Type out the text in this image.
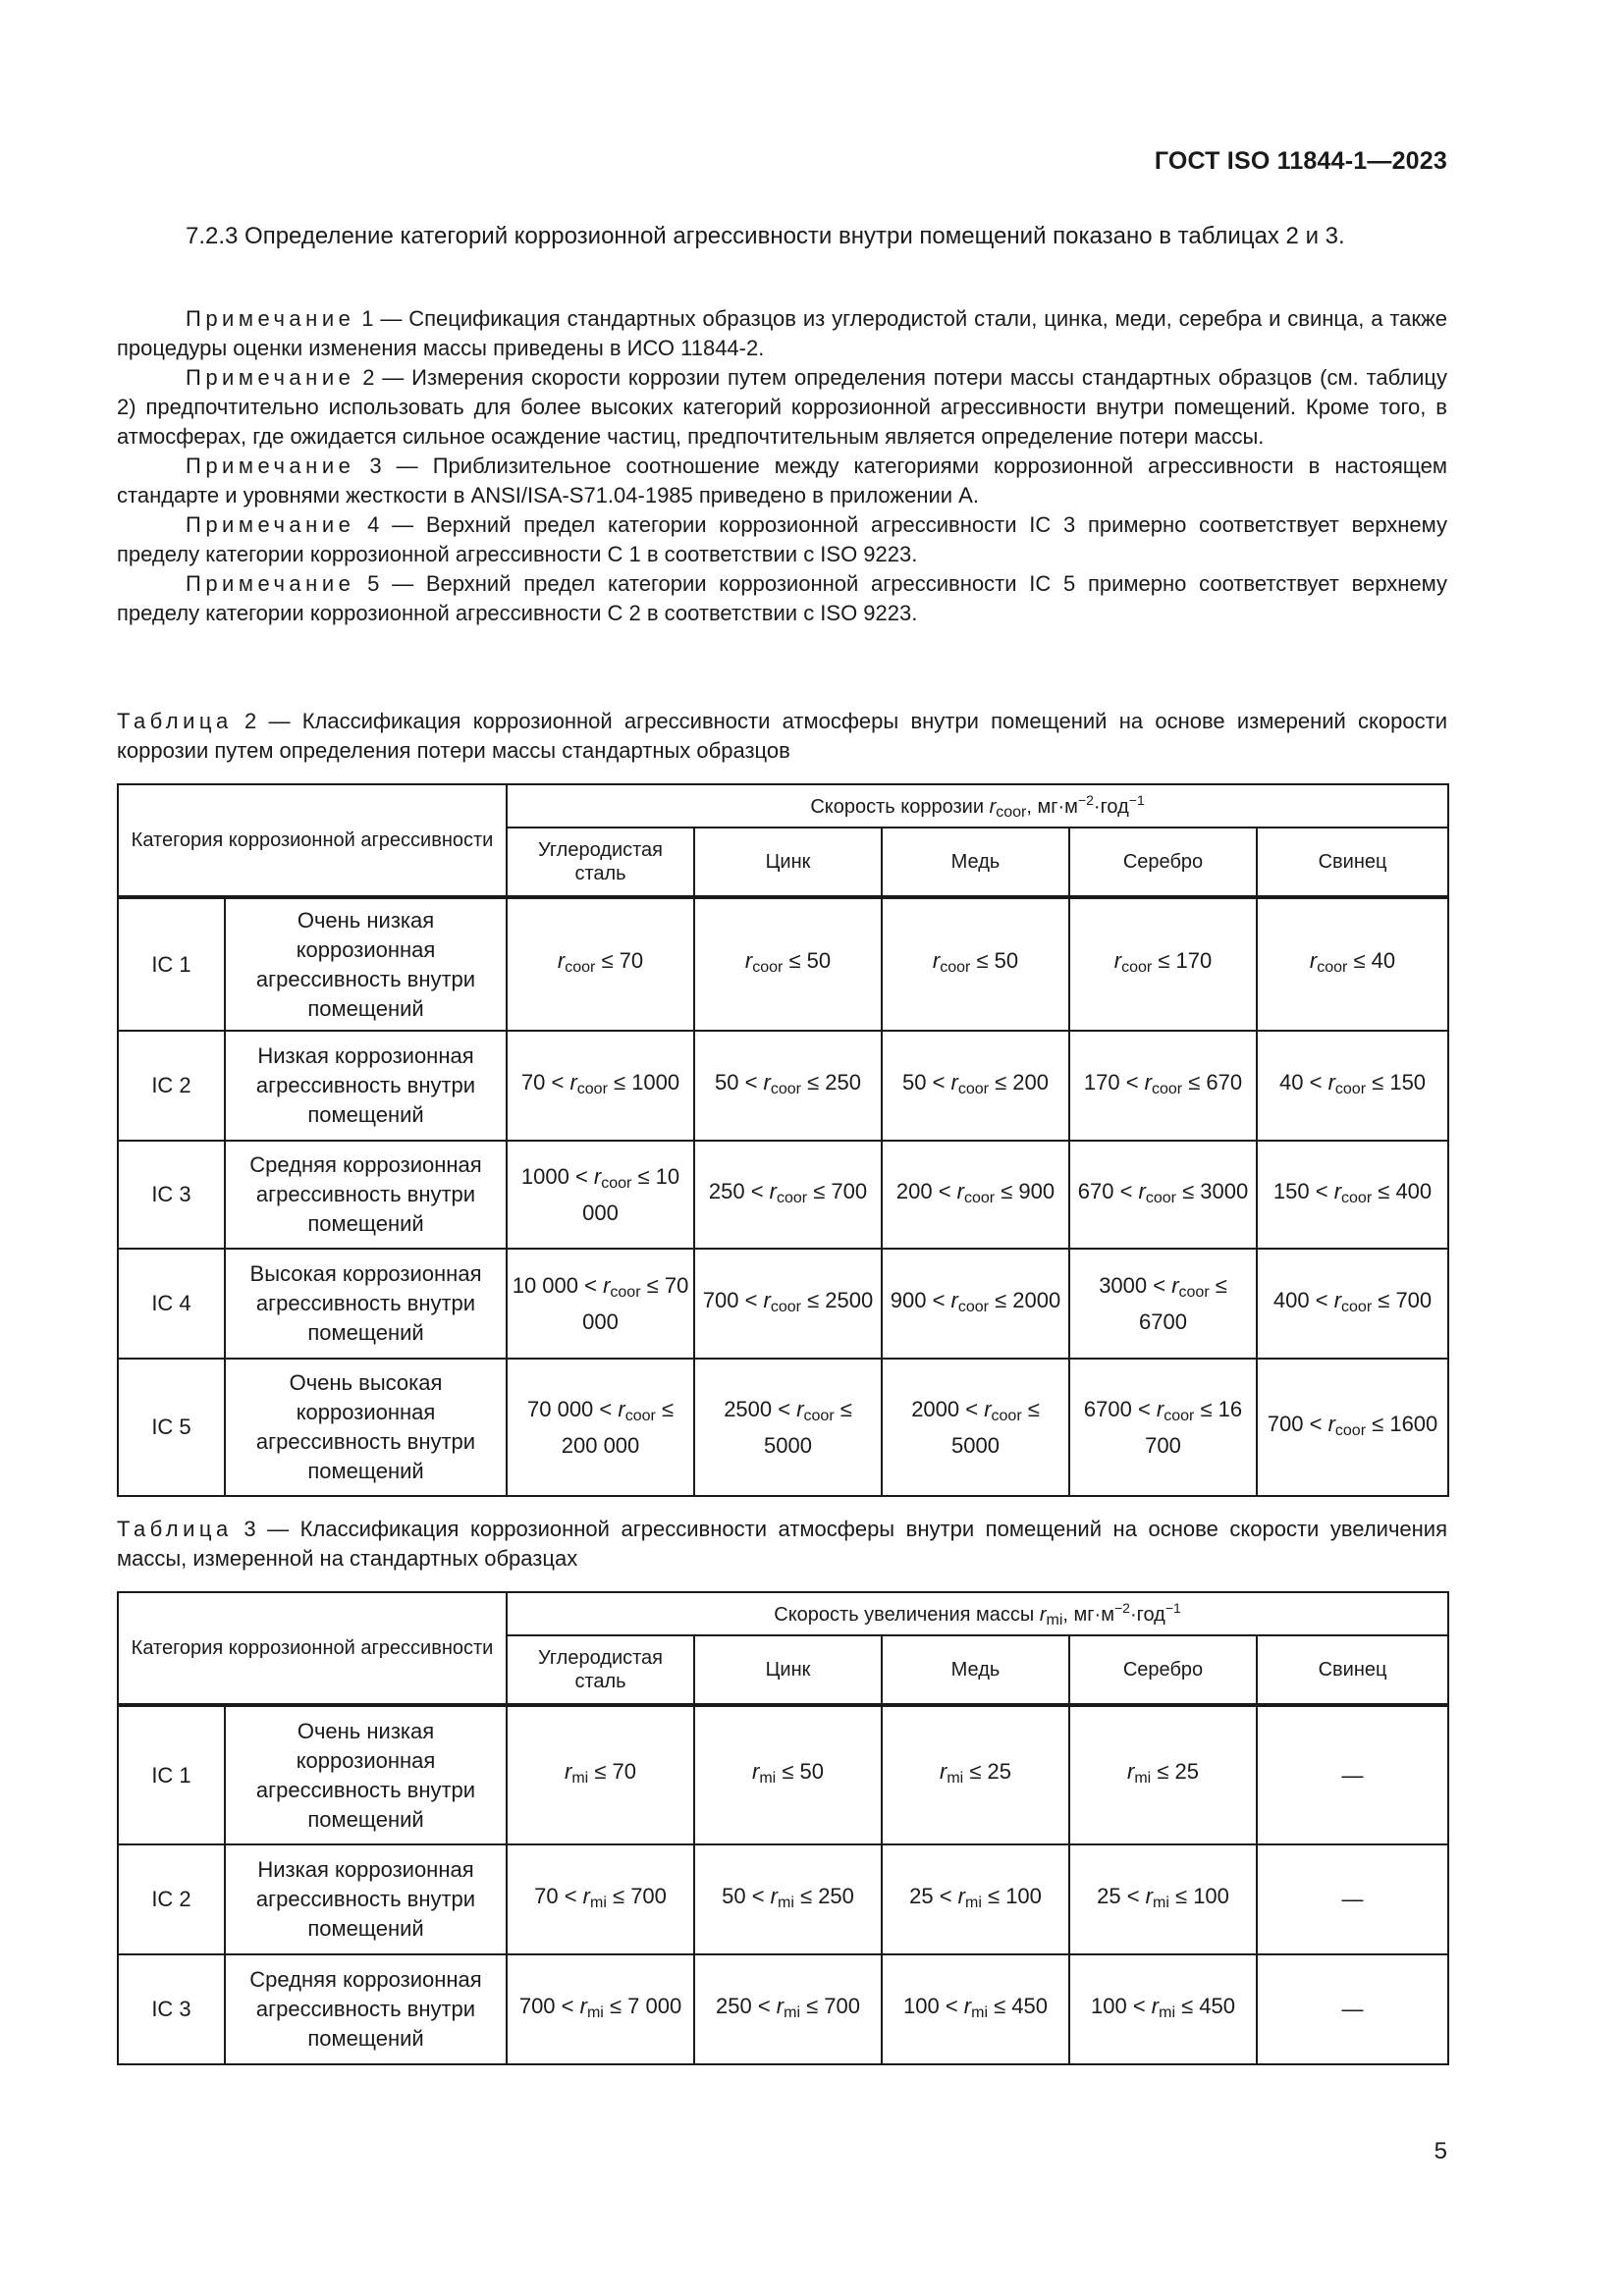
ГОСТ ISO 11844-1—2023

7.2.3 Определение категорий коррозионной агрессивности внутри помещений показано в таблицах 2 и 3.

Примечание 1 — Спецификация стандартных образцов из углеродистой стали, цинка, меди, серебра и свинца, а также процедуры оценки изменения массы приведены в ИСО 11844-2.

Примечание 2 — Измерения скорости коррозии путем определения потери массы стандартных образцов (см. таблицу 2) предпочтительно использовать для более высоких категорий коррозионной агрессивности внутри помещений. Кроме того, в атмосферах, где ожидается сильное осаждение частиц, предпочтительным является определение потери массы.

Примечание 3 — Приблизительное соотношение между категориями коррозионной агрессивности в настоящем стандарте и уровнями жесткости в ANSI/ISA-S71.04-1985 приведено в приложении А.

Примечание 4 — Верхний предел категории коррозионной агрессивности IC 3 примерно соответствует верхнему пределу категории коррозионной агрессивности С 1 в соответствии с ISO 9223.

Примечание 5 — Верхний предел категории коррозионной агрессивности IC 5 примерно соответствует верхнему пределу категории коррозионной агрессивности С 2 в соответствии с ISO 9223.

Таблица 2 — Классификация коррозионной агрессивности атмосферы внутри помещений на основе измерений скорости коррозии путем определения потери массы стандартных образцов
Категория коррозионной агрессивности		Скорость коррозии $r_{coor}$, $мг\cdot м^{-2}\cdot год^{-1}$
		Углеродистая сталь	Цинк	Медь	Серебро	Свинец
IC 1	Очень низкая коррозионная агрессивность внутри помещений	$r_{coor} \le 70$	$r_{coor} \le 50$	$r_{coor} \le 50$	$r_{coor} \le 170$	$r_{coor} \le 40$
IC 2	Низкая коррозионная агрессивность внутри помещений	$70 < r_{coor} \le 1000$	$50 < r_{coor} \le 250$	$50 < r_{coor} \le 200$	$170 < r_{coor} \le 670$	$40 < r_{coor} \le 150$
IC 3	Средняя коррозионная агрессивность внутри помещений	$1000 < r_{coor} \le 10$ 000	$250 < r_{coor} \le 700$	$200 < r_{coor} \le 900$	$670 < r_{coor} \le 3000$	$150 < r_{coor} \le 400$
IC 4	Высокая коррозионная агрессивность внутри помещений	10 $000 < r_{coor} \le 70$ 000	$700 < r_{coor} \le 2500$	$900 < r_{coor} \le 2000$	$3000 < r_{coor} \le 6700$	$400 < r_{coor} \le 700$
IC 5	Очень высокая коррозионная агрессивность внутри помещений	70 $000 < r_{coor} \le 200$ 000	$2500 < r_{coor} \le 5000$	$2000 < r_{coor} \le 5000$	$6700 < r_{coor} \le 16$ 700	$700 < r_{coor} \le 1600$
Таблица 3 — Классификация коррозионной агрессивности атмосферы внутри помещений на основе скорости увеличения массы, измеренной на стандартных образцах
Категория коррозионной агрессивности		Скорость увеличения массы $r_{mi}$, $мг\cdot м^{-2}\cdot год^{-1}$
		Углеродистая сталь	Цинк	Медь	Серебро	Свинец
IC 1	Очень низкая коррозионная агрессивность внутри помещений	$r_{mi} \le 70$	$r_{mi} \le 50$	$r_{mi} \le 25$	$r_{mi} \le 25$	—
IC 2	Низкая коррозионная агрессивность внутри помещений	$70 < r_{mi} \le 700$	$50 < r_{mi} \le 250$	$25 < r_{mi} \le 100$	$25 < r_{mi} \le 100$	—
IC 3	Средняя коррозионная агрессивность внутри помещений	$700 < r_{mi} \le 7$ 000	$250 < r_{mi} \le 700$	$100 < r_{mi} \le 450$	$100 < r_{mi} \le 450$	—
5
